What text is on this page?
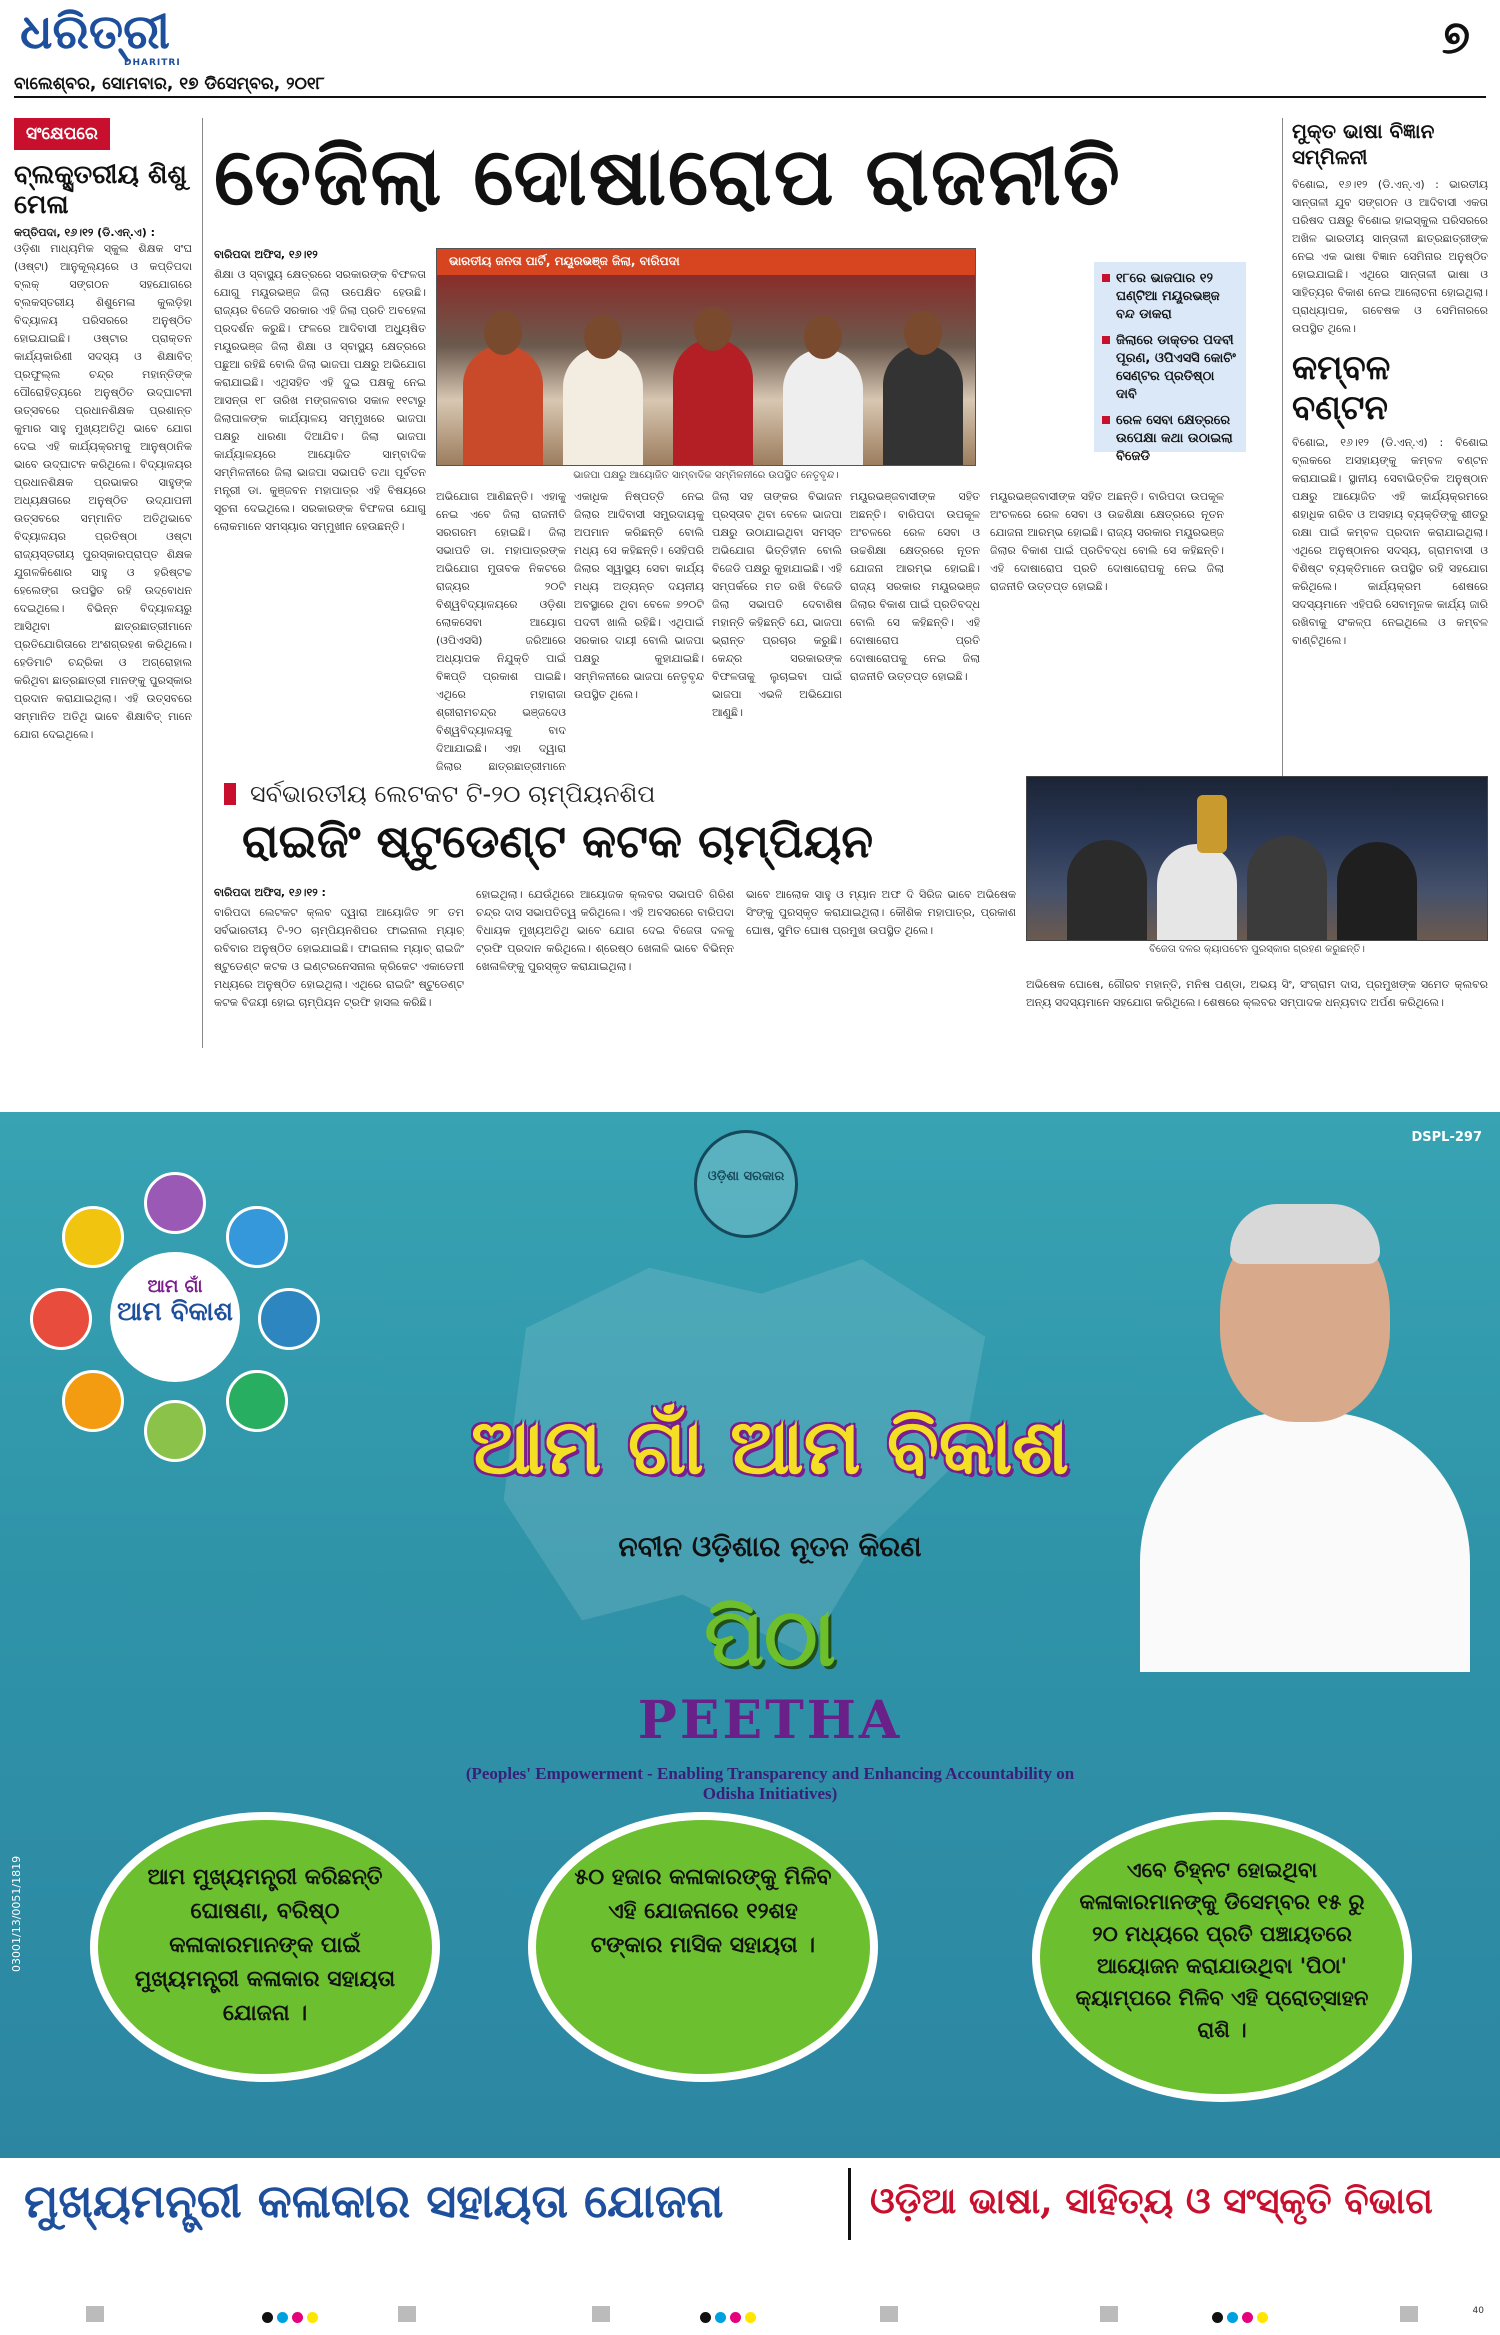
ଧରିତ୍ରୀ
DHARITRI
ବାଲେଶ୍ବର, ସୋମବାର, ୧୭ ଡିସେମ୍ବର, ୨୦୧୮
୭
ସଂକ୍ଷେପରେ
ବ୍ଲକ୍ସ୍ତରୀୟ ଶିଶୁ ମେଳା
କପ୍ତିପଦା, ୧୬।୧୨ (ଡି.ଏନ୍.ଏ) :
ଓଡ଼ିଶା ମାଧ୍ୟମିକ ସ୍କୁଲ ଶିକ୍ଷକ ସଂଘ (ଓଷ୍ଟା) ଆନୁକୂଲ୍ୟରେ ଓ କପ୍ତିପଦା ବ୍ଲକ୍ ସଙ୍ଗଠନ ସହଯୋଗରେ ବ୍ଲକସ୍ତରୀୟ ଶିଶୁମେଳା କୁଲଡ଼ିହା ବିଦ୍ୟାଳୟ ପରିସରରେ ଅନୁଷ୍ଠିତ ହୋଇଯାଇଛି। ଓଷ୍ଟାର ପ୍ରାକ୍ତନ କାର୍ଯ୍ୟକାରିଣୀ ସଦସ୍ୟ ଓ ଶିକ୍ଷାବିତ୍ ପ୍ରଫୁଲ୍ଲ ଚନ୍ଦ୍ର ମହାନ୍ତିଙ୍କ ପୌରୋହିତ୍ୟରେ ଅନୁଷ୍ଠିତ ଉଦ୍‌ଘାଟନୀ ଉତ୍ସବରେ ପ୍ରଧାନଶିକ୍ଷକ ପ୍ରଶାନ୍ତ କୁମାର ସାହୁ ମୁଖ୍ୟଅତିଥି ଭାବେ ଯୋଗ ଦେଇ ଏହି କାର୍ଯ୍ୟକ୍ରମକୁ ଆନୁଷ୍ଠାନିକ ଭାବେ ଉଦ୍‌ଘାଟନ କରିଥିଲେ। ବିଦ୍ୟାଳୟର ପ୍ରଧାନଶିକ୍ଷକ ପ୍ରଭାକର ସାହୁଙ୍କ ଅଧ୍ୟକ୍ଷତାରେ ଅନୁଷ୍ଠିତ ଉଦ୍‌ଯାପନୀ ଉତ୍ସବରେ ସମ୍ମାନିତ ଅତିଥିଭାବେ ବିଦ୍ୟାଳୟର ପ୍ରତିଷ୍ଠା ଓଷ୍ଟା ରାଜ୍ୟସ୍ତରୀୟ ପୁରସ୍କାରପ୍ରାପ୍ତ ଶିକ୍ଷକ ଯୁଗଳକିଶୋର ସାହୁ ଓ ହରିଷ୍ଟଚ୍ଚ ହେଲେଙ୍ଗ ଉପସ୍ଥିତ ରହି ଉଦ୍‌ବୋଧନ ଦେଇଥିଲେ। ବିଭିନ୍ନ ବିଦ୍ୟାଳୟରୁ ଆସିଥିବା ଛାତ୍ରଛାତ୍ରୀମାନେ ପ୍ରତିଯୋଗିତାରେ ଅଂଶଗ୍ରହଣ କରିଥିଲେ। ହେଡିମାଟି ଚନ୍ଦ୍ରିକା ଓ ଅଗ୍ରୋହାଲ କରିଥିବା ଛାତ୍ରଛାତ୍ରୀ ମାନଙ୍କୁ ପୁରସ୍କାର ପ୍ରଦାନ କରାଯାଇଥିଲା। ଏହି ଉତ୍ସବରେ ସମ୍ମାନିତ ଅତିଥି ଭାବେ ଶିକ୍ଷାବିତ୍ ମାନେ ଯୋଗ ଦେଇଥିଲେ।
ତେଜିଲା ଦୋଷାରୋପ ରାଜନୀତି
ବାରିପଦା ଅଫିସ, ୧୬।୧୨
ଶିକ୍ଷା ଓ ସ୍ବାସ୍ଥ୍ୟ କ୍ଷେତ୍ରରେ ସରକାରଙ୍କ ବିଫଳତା ଯୋଗୁ ମୟୂରଭଞ୍ଜ ଜିଲା ଉପେକ୍ଷିତ ହେଉଛି। ରାଜ୍ୟର ବିଜେଡି ସରକାର ଏହି ଜିଲା ପ୍ରତି ଅବହେଳା ପ୍ରଦର୍ଶନ କରୁଛି। ଫଳରେ ଆଦିବାସୀ ଅଧ୍ୟୁଷିତ ମୟୂରଭଞ୍ଜ ଜିଲା ଶିକ୍ଷା ଓ ସ୍ବାସ୍ଥ୍ୟ କ୍ଷେତ୍ରରେ ପଛୁଆ ରହିଛି ବୋଲି ଜିଲା ଭାଜପା ପକ୍ଷରୁ ଅଭିଯୋଗ କରାଯାଇଛି। ଏଥିସହିତ ଏହି ଦୁଇ ପକ୍ଷକୁ ନେଇ ଆସନ୍ତା ୧୮ ତାରିଖ ମଙ୍ଗଳବାର ସକାଳ ୧୧ଟାରୁ ଜିଲାପାଳଙ୍କ କାର୍ଯ୍ୟାଳୟ ସମ୍ମୁଖରେ ଭାଜପା ପକ୍ଷରୁ ଧାରଣା ଦିଆଯିବ। ଜିଲା ଭାଜପା କାର୍ଯ୍ୟାଳୟରେ ଆୟୋଜିତ ସାମ୍ବାଦିକ ସମ୍ମିଳନୀରେ ଜିଲା ଭାଜପା ସଭାପତି ତଥା ପୂର୍ବତନ ମନ୍ତ୍ରୀ ଡା. କୁଞ୍ଜବନ ମହାପାତ୍ର ଏହି ବିଷୟରେ ସୂଚନା ଦେଇଥିଲେ। ସରକାରଙ୍କ ବିଫଳତା ଯୋଗୁ ଲୋକମାନେ ସମସ୍ୟାର ସମ୍ମୁଖୀନ ହେଉଛନ୍ତି।
ଭାରତୀୟ ଜନତା ପାର୍ଟି, ମୟୂରଭଞ୍ଜ ଜିଲା, ବାରିପଦା
ଭାଜପା ପକ୍ଷରୁ ଆୟୋଜିତ ସାମ୍ବାଦିକ ସମ୍ମିଳନୀରେ ଉପସ୍ଥିତ ନେତୃବୃନ୍ଦ।
ଅଭିଯୋଗ ଆଣିଛନ୍ତି। ଏହାକୁ ନେଇ ଏବେ ଜିଲା ରାଜନୀତି ସରଗରମ ହୋଇଛି। ଜିଲା ସଭାପତି ଡା. ମହାପାତ୍ରଙ୍କ ଅଭିଯୋଗ ମୁତାବକ ନିକଟରେ ରାଜ୍ୟର ୨୦ଟି ବିଶ୍ୱବିଦ୍ୟାଳୟରେ ଓଡ଼ିଶା ଲୋକସେବା ଆୟୋଗ (ଓପିଏସସି) ଜରିଆରେ ଅଧ୍ୟାପକ ନିଯୁକ୍ତି ପାଇଁ ବିଜ୍ଞପ୍ତି ପ୍ରକାଶ ପାଇଛି। ଏଥିରେ ମହାରାଜା ଶ୍ରୀରାମଚନ୍ଦ୍ର ଭଞ୍ଜଦେଓ ବିଶ୍ୱବିଦ୍ୟାଳୟକୁ ବାଦ ଦିଆଯାଇଛି। ଏହା ଦ୍ୱାରା ଜିଲାର ଛାତ୍ରଛାତ୍ରୀମାନେ
ଏକାଧିକ ନିଷ୍ପତ୍ତି ନେଇ ଜିଲାର ଆଦିବାସୀ ସମ୍ପ୍ରଦାୟକୁ ଅପମାନ କରିଛନ୍ତି ବୋଲି ମଧ୍ୟ ସେ କହିଛନ୍ତି। ସେହିପରି ଜିଲାର ସ୍ୱାସ୍ଥ୍ୟ ସେବା କାର୍ଯ୍ୟ ମଧ୍ୟ ଅତ୍ୟନ୍ତ ଦୟନୀୟ ଅବସ୍ଥାରେ ଥିବା ବେଳେ ୭୨୦ଟି ପଦବୀ ଖାଲି ରହିଛି। ଏଥିପାଇଁ ସରକାର ଦାୟୀ ବୋଲି ଭାଜପା ପକ୍ଷରୁ କୁହାଯାଇଛି। ସମ୍ମିଳନୀରେ ଭାଜପା ନେତୃବୃନ୍ଦ ଉପସ୍ଥିତ ଥିଲେ।
ଜିଲା ସହ ତାଙ୍କର ବିଭାଜନ ପ୍ରସ୍ତାବ ଥିବା ବେଳେ ଭାଜପା ପକ୍ଷରୁ ଉଠାଯାଇଥିବା ସମସ୍ତ ଅଭିଯୋଗ ଭିତ୍ତିହୀନ ବୋଲି ବିଜେଡି ପକ୍ଷରୁ କୁହାଯାଇଛି। ଏହି ସମ୍ପର୍କରେ ମତ ରଖି ବିଜେଡି ଜିଲା ସଭାପତି ଦେବାଶିଷ ମହାନ୍ତି କହିଛନ୍ତି ଯେ, ଭାଜପା ଭ୍ରାନ୍ତ ପ୍ରଚାର କରୁଛି। କେନ୍ଦ୍ର ସରକାରଙ୍କ ବିଫଳତାକୁ ଲୁଚାଇବା ପାଇଁ ଭାଜପା ଏଭଳି ଅଭିଯୋଗ ଆଣୁଛି।
ମୟୂରଭଞ୍ଜବାସୀଙ୍କ ସହିତ ଅଛନ୍ତି। ବାରିପଦା ଉପକୂଳ ଅଂଚଳରେ ରେଳ ସେବା ଓ ଉଚ୍ଚଶିକ୍ଷା କ୍ଷେତ୍ରରେ ନୂତନ ଯୋଜନା ଆରମ୍ଭ ହୋଇଛି। ରାଜ୍ୟ ସରକାର ମୟୂରଭଞ୍ଜ ଜିଲାର ବିକାଶ ପାଇଁ ପ୍ରତିବଦ୍ଧ ବୋଲି ସେ କହିଛନ୍ତି। ଏହି ଦୋଷାରୋପ ପ୍ରତି ଦୋଷାରୋପକୁ ନେଇ ଜିଲା ରାଜନୀତି ଉତ୍ତପ୍ତ ହୋଇଛି।
ମୟୂରଭଞ୍ଜବାସୀଙ୍କ ସହିତ ଅଛନ୍ତି। ବାରିପଦା ଉପକୂଳ ଅଂଚଳରେ ରେଳ ସେବା ଓ ଉଚ୍ଚଶିକ୍ଷା କ୍ଷେତ୍ରରେ ନୂତନ ଯୋଜନା ଆରମ୍ଭ ହୋଇଛି। ରାଜ୍ୟ ସରକାର ମୟୂରଭଞ୍ଜ ଜିଲାର ବିକାଶ ପାଇଁ ପ୍ରତିବଦ୍ଧ ବୋଲି ସେ କହିଛନ୍ତି। ଏହି ଦୋଷାରୋପ ପ୍ରତି ଦୋଷାରୋପକୁ ନେଇ ଜିଲା ରାଜନୀତି ଉତ୍ତପ୍ତ ହୋଇଛି।
୧୮ରେ ଭାଜପାର ୧୨ ଘଣ୍ଟିଆ ମୟୂରଭଞ୍ଜ ବନ୍ଦ ଡାକରା
ଜିଲାରେ ଡାକ୍ତର ପଦବୀ ପୂରଣ, ଓପିଏସସି କୋଚିଂ ସେଣ୍ଟର ପ୍ରତିଷ୍ଠା ଦାବି
ରେଳ ସେବା କ୍ଷେତ୍ରରେ ଉପେକ୍ଷା କଥା ଉଠାଇଲା ବିଜେଡି
ମୁକ୍ତ ଭାଷା ବିଜ୍ଞାନ ସମ୍ମିଳନୀ
ବିଶୋଇ, ୧୬।୧୨ (ଡି.ଏନ୍.ଏ) : ଭାରତୀୟ ସାନ୍ତାଳୀ ଯୁବ ସଙ୍ଗଠନ ଓ ଆଦିବାସୀ ଏକତା ପରିଷଦ ପକ୍ଷରୁ ବିଶୋଇ ହାଇସ୍କୁଲ ପରିସରରେ ଅଖିଳ ଭାରତୀୟ ସାନ୍ତାଳୀ ଛାତ୍ରଛାତ୍ରୀଙ୍କ ନେଇ ଏକ ଭାଷା ବିଜ୍ଞାନ ସେମିନାର ଅନୁଷ୍ଠିତ ହୋଇଯାଇଛି। ଏଥିରେ ସାନ୍ତାଳୀ ଭାଷା ଓ ସାହିତ୍ୟର ବିକାଶ ନେଇ ଆଲୋଚନା ହୋଇଥିଲା। ପ୍ରାଧ୍ୟାପକ, ଗବେଷକ ଓ ସେମିନାରରେ ଉପସ୍ଥିତ ଥିଲେ।
କମ୍ବଳ ବଣ୍ଟନ
ବିଶୋଇ, ୧୬।୧୨ (ଡି.ଏନ୍.ଏ) : ବିଶୋଇ ବ୍ଲକରେ ଅସହାୟଙ୍କୁ କମ୍ବଳ ବଣ୍ଟନ କରାଯାଇଛି। ସ୍ଥାନୀୟ ସେବାଭିତ୍ତିକ ଅନୁଷ୍ଠାନ ପକ୍ଷରୁ ଆୟୋଜିତ ଏହି କାର୍ଯ୍ୟକ୍ରମରେ ଶହାଧିକ ଗରିବ ଓ ଅସହାୟ ବ୍ୟକ୍ତିଙ୍କୁ ଶୀତରୁ ରକ୍ଷା ପାଇଁ କମ୍ବଳ ପ୍ରଦାନ କରାଯାଇଥିଲା। ଏଥିରେ ଅନୁଷ୍ଠାନର ସଦସ୍ୟ, ଗ୍ରାମବାସୀ ଓ ବିଶିଷ୍ଟ ବ୍ୟକ୍ତିମାନେ ଉପସ୍ଥିତ ରହି ସହଯୋଗ କରିଥିଲେ। କାର୍ଯ୍ୟକ୍ରମ ଶେଷରେ ସଦସ୍ୟମାନେ ଏହିପରି ସେବାମୂଳକ କାର୍ଯ୍ୟ ଜାରି ରଖିବାକୁ ସଂକଳ୍ପ ନେଇଥିଲେ ଓ କମ୍ବଳ ବାଣ୍ଟିଥିଲେ।
ସର୍ବଭାରତୀୟ ଲେଟକଟ ଟି-୨୦ ଚାମ୍ପିୟନଶିପ
ରାଇଜିଂ ଷ୍ଟୁଡେଣ୍ଟ କଟକ ଚାମ୍ପିୟନ
ବିଜେତା ଦଳର କ୍ୟାପଟେନ ପୁରସ୍କାର ଗ୍ରହଣ କରୁଛନ୍ତି।
ବାରିପଦା ଅଫିସ, ୧୬।୧୨ :
ବାରିପଦା ଲେଟକଟ କ୍ଲବ ଦ୍ୱାରା ଆୟୋଜିତ ୨୮ ତମ ସର୍ବଭାରତୀୟ ଟି-୨୦ ଚାମ୍ପିୟନଶିପର ଫାଇନାଲ ମ୍ୟାଚ୍ ରବିବାର ଅନୁଷ୍ଠିତ ହୋଇଯାଇଛି। ଫାଇନାଲ ମ୍ୟାଚ୍ ରାଇଜିଂ ଷ୍ଟୁଡେଣ୍ଟ କଟକ ଓ ଇଣ୍ଟରନେସନାଲ କ୍ରିକେଟ ଏକାଡେମୀ ମଧ୍ୟରେ ଅନୁଷ୍ଠିତ ହୋଇଥିଲା। ଏଥିରେ ରାଇଜିଂ ଷ୍ଟୁଡେଣ୍ଟ କଟକ ବିଜୟୀ ହୋଇ ଚାମ୍ପିୟନ ଟ୍ରଫି ହାସଲ କରିଛି।
ହୋଇଥିଲା। ଯେଉଁଥିରେ ଆୟୋଜକ କ୍ଲବର ସଭାପତି ଗିରିଶ ଚନ୍ଦ୍ର ଦାସ ସଭାପତିତ୍ୱ କରିଥିଲେ। ଏହି ଅବସରରେ ବାରିପଦା ବିଧାୟକ ମୁଖ୍ୟଅତିଥି ଭାବେ ଯୋଗ ଦେଇ ବିଜେତା ଦଳକୁ ଟ୍ରଫି ପ୍ରଦାନ କରିଥିଲେ। ଶ୍ରେଷ୍ଠ ଖେଳାଳି ଭାବେ ବିଭିନ୍ନ ଖେଳାଳିଙ୍କୁ ପୁରସ୍କୃତ କରାଯାଇଥିଲା।
ଭାବେ ଆଲୋକ ସାହୁ ଓ ମ୍ୟାନ ଅଫ ଦି ସିରିଜ ଭାବେ ଅଭିଷେକ ସିଂଙ୍କୁ ପୁରସ୍କୃତ କରାଯାଇଥିଲା। କୌଶିକ ମହାପାତ୍ର, ପ୍ରକାଶ ଘୋଷ, ସୁମିତ ଘୋଷ ପ୍ରମୁଖ ଉପସ୍ଥିତ ଥିଲେ।
ଅଭିଷେକ ଘୋଷେ, ଗୌରବ ମହାନ୍ତି, ମନିଷ ପଣ୍ଡା, ଅଭୟ ସିଂ, ସଂଗ୍ରାମ ଦାସ, ପ୍ରମୁଖଙ୍କ ସମେତ କ୍ଲବର ଅନ୍ୟ ସଦସ୍ୟମାନେ ସହଯୋଗ କରିଥିଲେ। ଶେଷରେ କ୍ଲବର ସମ୍ପାଦକ ଧନ୍ୟବାଦ ଅର୍ପଣ କରିଥିଲେ।
DSPL-297
03001/13/0051/1819
ଓଡ଼ିଶା ସରକାର
ଆମ ଗାଁ
ଆମ ବିକାଶ
ଆମ ଗାଁ ଆମ ବିକାଶ
ନବୀନ ଓଡ଼ିଶାର ନୂତନ କିରଣ
ପିଠା
PEETHA
(Peoples' Empowerment - Enabling Transparency and Enhancing Accountability on Odisha Initiatives)
ଆମ ମୁଖ୍ୟମନ୍ତ୍ରୀ କରିଛନ୍ତି ଘୋଷଣା, ବରିଷ୍ଠ କଳାକାରମାନଙ୍କ ପାଇଁ ମୁଖ୍ୟମନ୍ତ୍ରୀ କଳାକାର ସହାୟତା ଯୋଜନା ।
୫୦ ହଜାର କଳାକାରଙ୍କୁ ମିଳିବ ଏହି ଯୋଜନାରେ ୧୨ଶହ ଟଙ୍କାର ମାସିକ ସହାୟତା ।
ଏବେ ଚିହ୍ନଟ ହୋଇଥିବା କଳାକାରମାନଙ୍କୁ ଡିସେମ୍ବର ୧୫ ରୁ ୨୦ ମଧ୍ୟରେ ପ୍ରତି ପଞ୍ଚାୟତରେ ଆୟୋଜନ କରାଯାଉଥିବା 'ପିଠା' କ୍ୟାମ୍ପରେ ମିଳିବ ଏହି ପ୍ରୋତ୍ସାହନ ରାଶି ।
ମୁଖ୍ୟମନ୍ତ୍ରୀ କଳାକାର ସହାୟତା ଯୋଜନା	ଓଡ଼ିଆ ଭାଷା, ସାହିତ୍ୟ ଓ ସଂସ୍କୃତି ବିଭାଗ
40
